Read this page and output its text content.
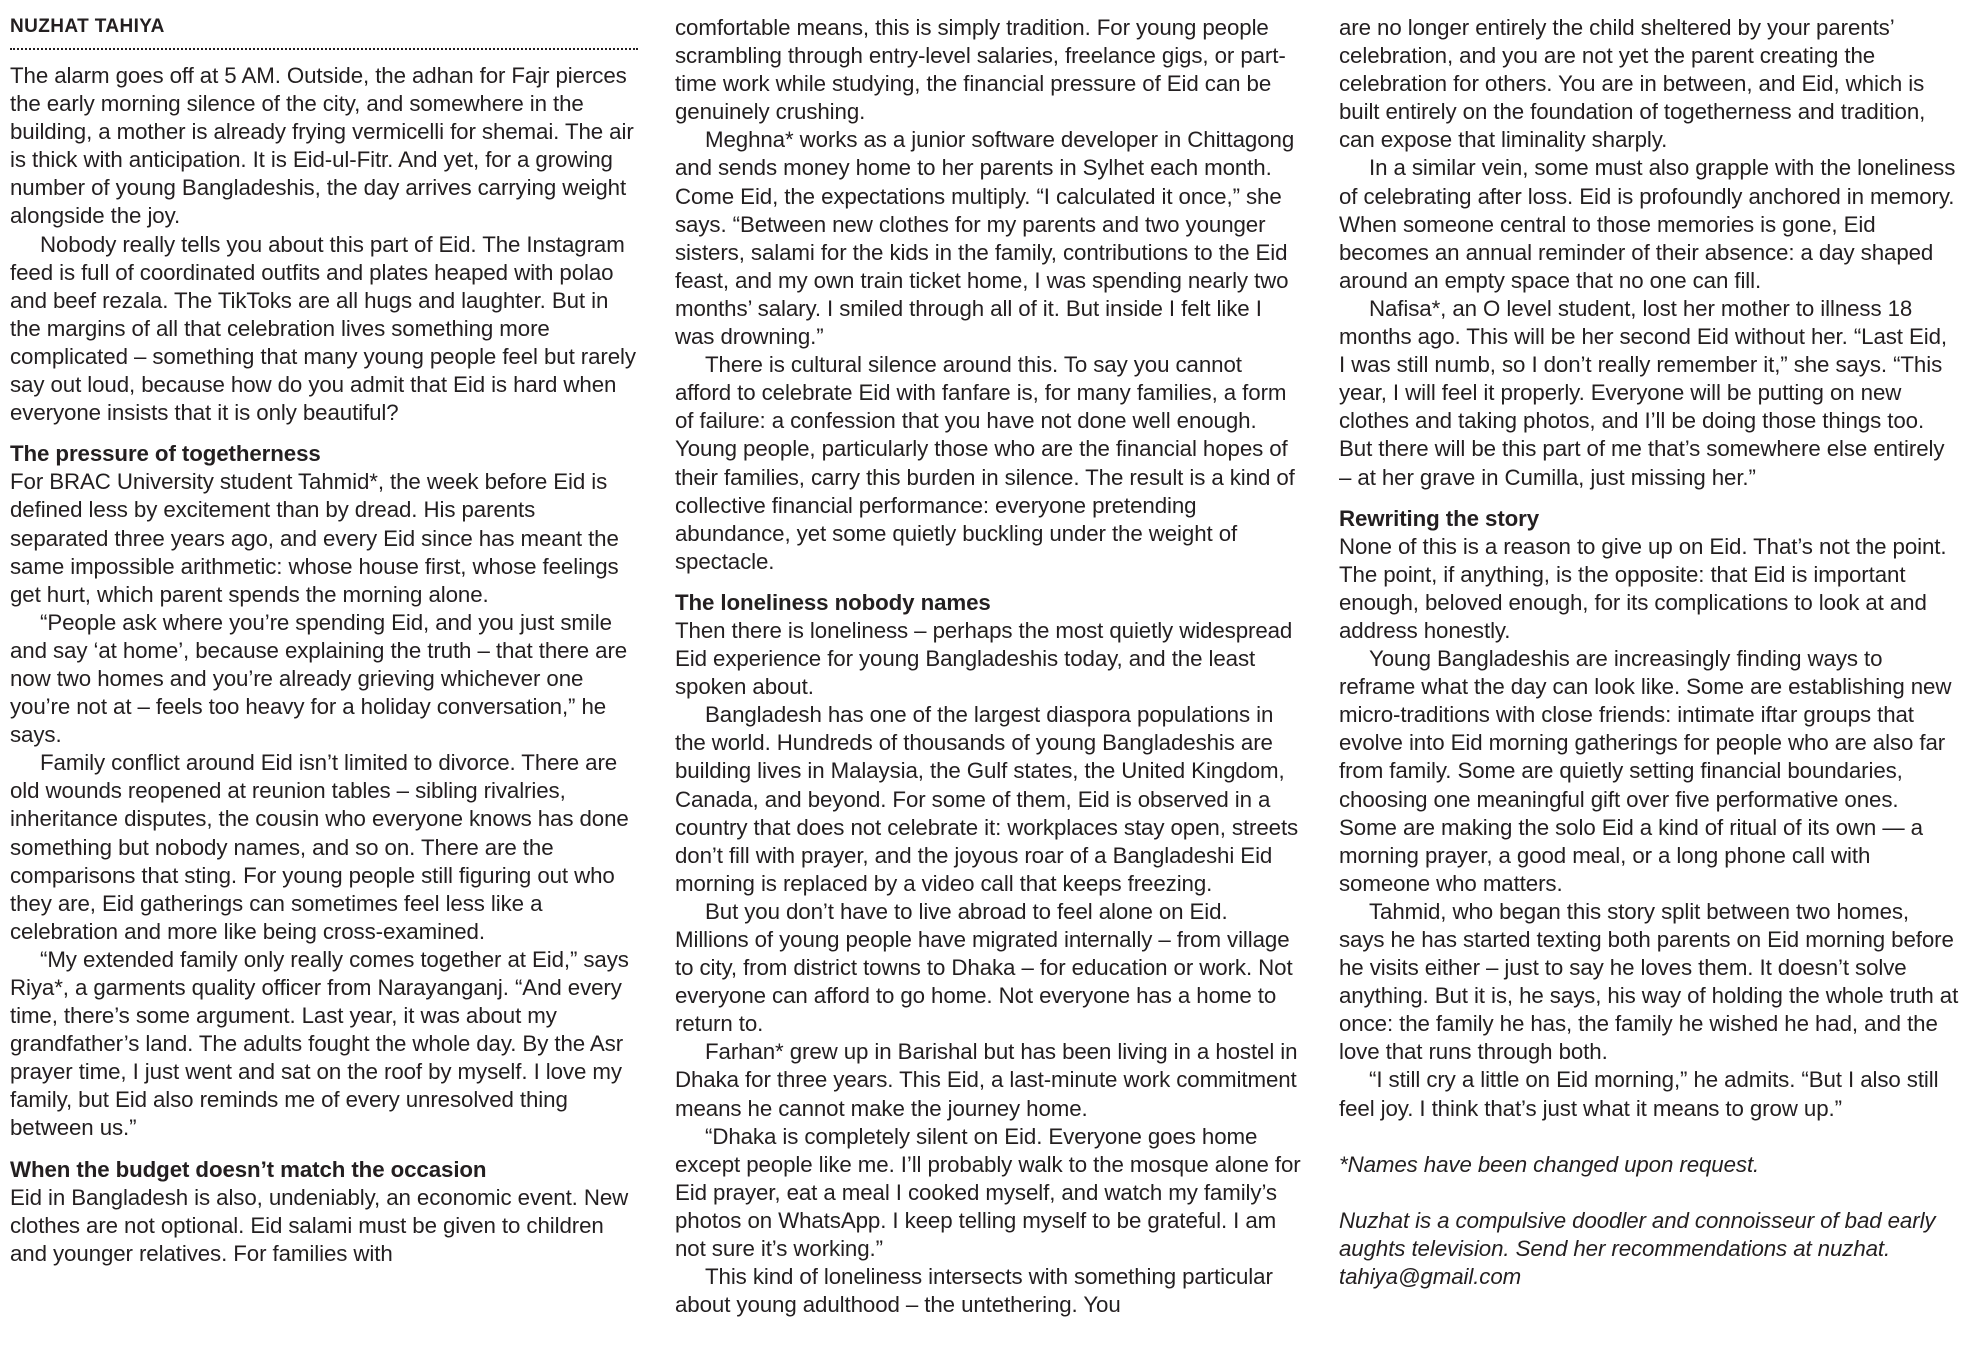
NUZHAT TAHIYA

The alarm goes off at 5 AM. Outside, the adhan for Fajr pierces the early morning silence of the city, and somewhere in the building, a mother is already frying vermicelli for shemai. The air is thick with anticipation. It is Eid-ul-Fitr. And yet, for a growing number of young Bangladeshis, the day arrives carrying weight alongside the joy.

Nobody really tells you about this part of Eid. The Instagram feed is full of coordinated outfits and plates heaped with polao and beef rezala. The TikToks are all hugs and laughter. But in the margins of all that celebration lives something more complicated – something that many young people feel but rarely say out loud, because how do you admit that Eid is hard when everyone insists that it is only beautiful?

The pressure of togetherness

For BRAC University student Tahmid*, the week before Eid is defined less by excitement than by dread. His parents separated three years ago, and every Eid since has meant the same impossible arithmetic: whose house first, whose feelings get hurt, which parent spends the morning alone.

“People ask where you’re spending Eid, and you just smile and say ‘at home’, because explaining the truth – that there are now two homes and you’re already grieving whichever one you’re not at – feels too heavy for a holiday conversation,” he says.

Family conflict around Eid isn’t limited to divorce. There are old wounds reopened at reunion tables – sibling rivalries, inheritance disputes, the cousin who everyone knows has done something but nobody names, and so on. There are the comparisons that sting. For young people still figuring out who they are, Eid gatherings can sometimes feel less like a celebration and more like being cross-examined.

“My extended family only really comes together at Eid,” says Riya*, a garments quality officer from Narayanganj. “And every time, there’s some argument. Last year, it was about my grandfather’s land. The adults fought the whole day. By the Asr prayer time, I just went and sat on the roof by myself. I love my family, but Eid also reminds me of every unresolved thing between us.”

When the budget doesn’t match the occasion

Eid in Bangladesh is also, undeniably, an economic event. New clothes are not optional. Eid salami must be given to children and younger relatives. For families with

comfortable means, this is simply tradition. For young people scrambling through entry-level salaries, freelance gigs, or part-time work while studying, the financial pressure of Eid can be genuinely crushing.

Meghna* works as a junior software developer in Chittagong and sends money home to her parents in Sylhet each month. Come Eid, the expectations multiply. “I calculated it once,” she says. “Between new clothes for my parents and two younger sisters, salami for the kids in the family, contributions to the Eid feast, and my own train ticket home, I was spending nearly two months’ salary. I smiled through all of it. But inside I felt like I was drowning.”

There is cultural silence around this. To say you cannot afford to celebrate Eid with fanfare is, for many families, a form of failure: a confession that you have not done well enough. Young people, particularly those who are the financial hopes of their families, carry this burden in silence. The result is a kind of collective financial performance: everyone pretending abundance, yet some quietly buckling under the weight of spectacle.

The loneliness nobody names

Then there is loneliness – perhaps the most quietly widespread Eid experience for young Bangladeshis today, and the least spoken about.

Bangladesh has one of the largest diaspora populations in the world. Hundreds of thousands of young Bangladeshis are building lives in Malaysia, the Gulf states, the United Kingdom, Canada, and beyond. For some of them, Eid is observed in a country that does not celebrate it: workplaces stay open, streets don’t fill with prayer, and the joyous roar of a Bangladeshi Eid morning is replaced by a video call that keeps freezing.

But you don’t have to live abroad to feel alone on Eid. Millions of young people have migrated internally – from village to city, from district towns to Dhaka – for education or work. Not everyone can afford to go home. Not everyone has a home to return to.

Farhan* grew up in Barishal but has been living in a hostel in Dhaka for three years. This Eid, a last-minute work commitment means he cannot make the journey home.

“Dhaka is completely silent on Eid. Everyone goes home except people like me. I’ll probably walk to the mosque alone for Eid prayer, eat a meal I cooked myself, and watch my family’s photos on WhatsApp. I keep telling myself to be grateful. I am not sure it’s working.”

This kind of loneliness intersects with something particular about young adulthood – the untethering. You

are no longer entirely the child sheltered by your parents’ celebration, and you are not yet the parent creating the celebration for others. You are in between, and Eid, which is built entirely on the foundation of togetherness and tradition, can expose that liminality sharply.

In a similar vein, some must also grapple with the loneliness of celebrating after loss. Eid is profoundly anchored in memory. When someone central to those memories is gone, Eid becomes an annual reminder of their absence: a day shaped around an empty space that no one can fill.

Nafisa*, an O level student, lost her mother to illness 18 months ago. This will be her second Eid without her. “Last Eid, I was still numb, so I don’t really remember it,” she says. “This year, I will feel it properly. Everyone will be putting on new clothes and taking photos, and I’ll be doing those things too. But there will be this part of me that’s somewhere else entirely – at her grave in Cumilla, just missing her.”

Rewriting the story

None of this is a reason to give up on Eid. That’s not the point. The point, if anything, is the opposite: that Eid is important enough, beloved enough, for its complications to look at and address honestly.

Young Bangladeshis are increasingly finding ways to reframe what the day can look like. Some are establishing new micro-traditions with close friends: intimate iftar groups that evolve into Eid morning gatherings for people who are also far from family. Some are quietly setting financial boundaries, choosing one meaningful gift over five performative ones. Some are making the solo Eid a kind of ritual of its own — a morning prayer, a good meal, or a long phone call with someone who matters.

Tahmid, who began this story split between two homes, says he has started texting both parents on Eid morning before he visits either – just to say he loves them. It doesn’t solve anything. But it is, he says, his way of holding the whole truth at once: the family he has, the family he wished he had, and the love that runs through both.

“I still cry a little on Eid morning,” he admits. “But I also still feel joy. I think that’s just what it means to grow up.”

*Names have been changed upon request.

Nuzhat is a compulsive doodler and connoisseur of bad early aughts television. Send her recommendations at nuzhat. tahiya@gmail.com
